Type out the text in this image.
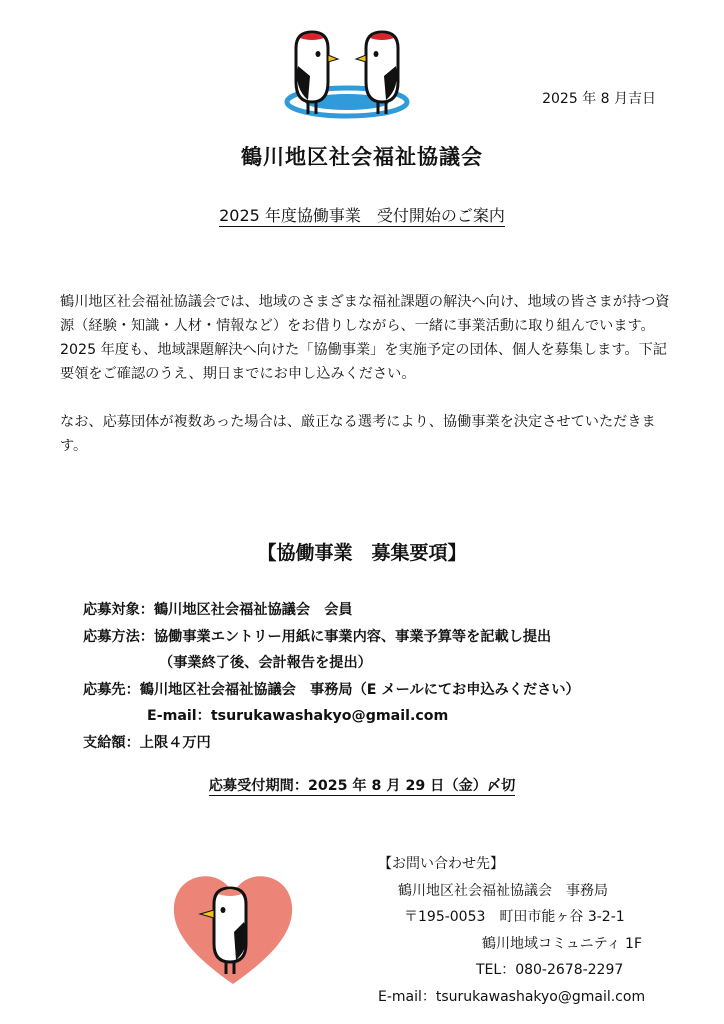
2025 年 8 月吉日
鶴川地区社会福祉協議会
2025 年度協働事業　受付開始のご案内

鶴川地区社会福祉協議会では、地域のさまざまな福祉課題の解決へ向け、地域の皆さまが持つ資源（経験・知識・人材・情報など）をお借りしながら、一緒に事業活動に取り組んでいます。

2025 年度も、地域課題解決へ向けた「協働事業」を実施予定の団体、個人を募集します。下記要領をご確認のうえ、期日までにお申し込みください。

なお、応募団体が複数あった場合は、厳正なる選考により、協働事業を決定させていただきます。

【協働事業　募集要項】
応募対象：鶴川地区社会福祉協議会　会員
応募方法：協働事業エントリー用紙に事業内容、事業予算等を記載し提出
（事業終了後、会計報告を提出）
応募先：鶴川地区社会福祉協議会　事務局（E メールにてお申込みください）
E-mail：tsurukawashakyo@gmail.com
支給額：上限４万円
応募受付期間：2025 年 8 月 29 日（金）〆切
【お問い合わせ先】
鶴川地区社会福祉協議会　事務局
〒195-0053　町田市能ヶ谷 3-2-1
鶴川地域コミュニティ 1F
TEL：080-2678-2297
E-mail：tsurukawashakyo@gmail.com
